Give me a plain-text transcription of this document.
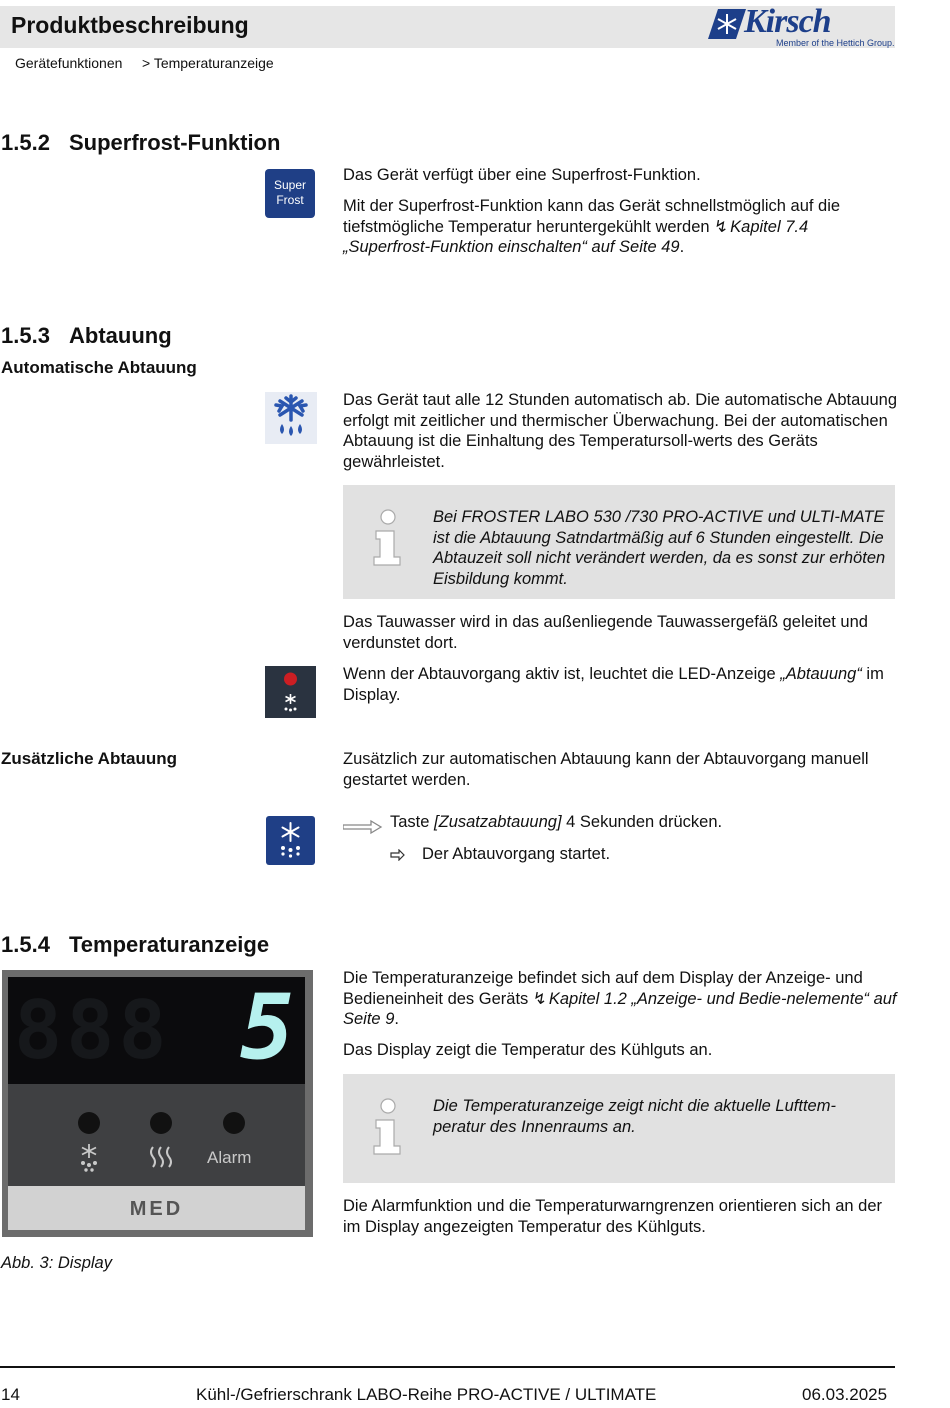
Produktbeschreibung	Kirsch
Member of the Hettich Group.
Gerätefunktionen > Temperaturanzeige
1.5.2 Superfrost-Funktion
Super
Frost
Das Gerät verfügt über eine Superfrost-Funktion.
Mit der Superfrost-Funktion kann das Gerät schnellstmöglich auf die tiefstmögliche Temperatur heruntergekühlt werden ↯ Kapitel 7.4 „Superfrost-Funktion einschalten“ auf Seite 49.
1.5.3 Abtauung
Automatische Abtauung
Das Gerät taut alle 12 Stunden automatisch ab. Die automatische Abtauung erfolgt mit zeitlicher und thermischer Überwachung. Bei der automatischen Abtauung ist die Einhaltung des Temperatursoll-werts des Geräts gewährleistet.
Bei FROSTER LABO 530 /730 PRO-ACTIVE und ULTI-MATE ist die Abtauung Satndartmäßig auf 6 Stunden eingestellt. Die Abtauzeit soll nicht verändert werden, da es sonst zur erhöten Eisbildung kommt.
Das Tauwasser wird in das außenliegende Tauwassergefäß geleitet und verdunstet dort.
Wenn der Abtauvorgang aktiv ist, leuchtet die LED-Anzeige „Abtauung“ im Display.
Zusätzliche Abtauung	Zusätzlich zur automatischen Abtauung kann der Abtauvorgang manuell gestartet werden.
Taste [Zusatzabtauung] 4 Sekunden drücken.
Der Abtauvorgang startet.
1.5.4 Temperaturanzeige
888 5
Alarm
MED
Abb. 3: Display
Die Temperaturanzeige befindet sich auf dem Display der Anzeige- und Bedieneinheit des Geräts ↯ Kapitel 1.2 „Anzeige- und Bedie-nelemente“ auf Seite 9.
Das Display zeigt die Temperatur des Kühlguts an.
Die Temperaturanzeige zeigt nicht die aktuelle Lufttem-peratur des Innenraums an.
Die Alarmfunktion und die Temperaturwarngrenzen orientieren sich an der im Display angezeigten Temperatur des Kühlguts.
14	Kühl-/Gefrierschrank LABO-Reihe PRO-ACTIVE / ULTIMATE	06.03.2025
